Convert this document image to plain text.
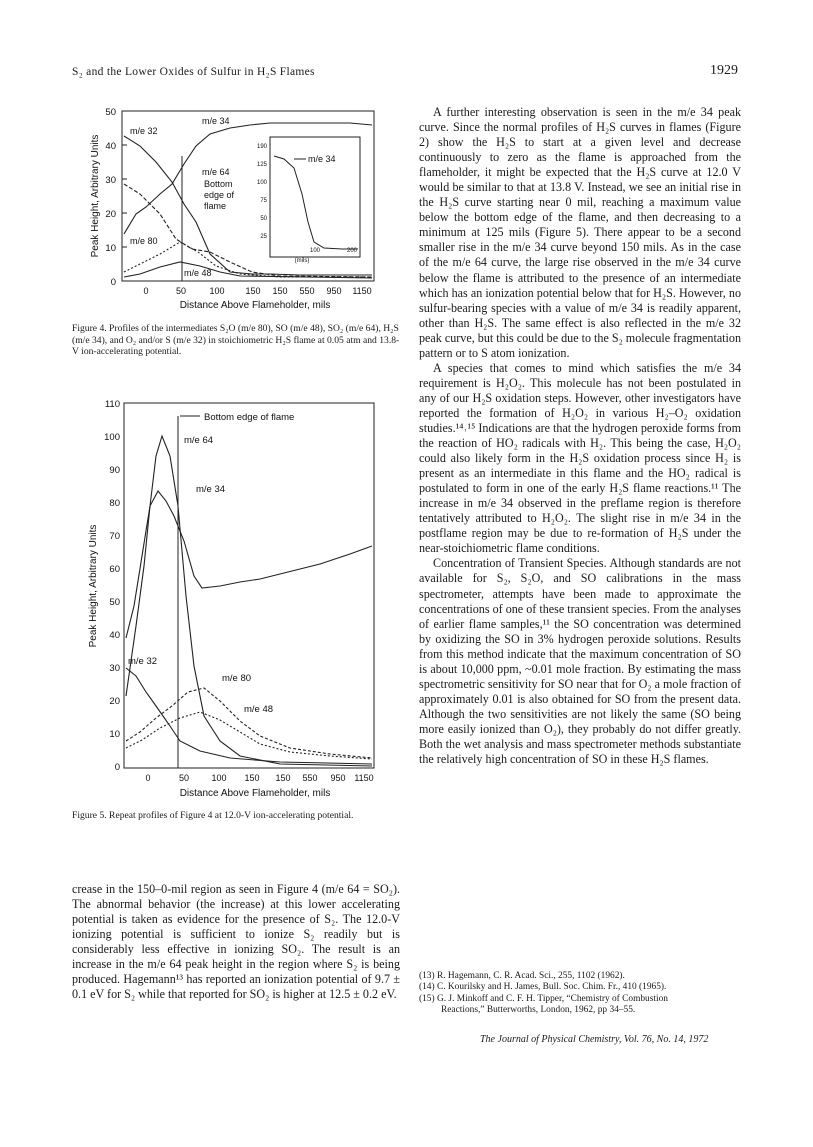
S₂ and the Lower Oxides of Sulfur in H₂S Flames	1929
Peak Height, Arbitrary Units
50
40
30
20
10
0
0	50	100 150 150 550 950 1150
Distance Above Flameholder, mils
190
125
100
75
50
25
100	200
(mils)
m/e 34
m/e 32
m/e 34
m/e 64
Bottom
edge of
flame
m/e 80
m/e 48
Figure 4. Profiles of the intermediates S₂O (m/e 80), SO (m/e 48), SO₂ (m/e 64), H₂S (m/e 34), and O₂ and/or S (m/e 32) in stoichiometric H₂S flame at 0.05 atm and 13.8-V ion-accelerating potential.
Peak Height, Arbitrary Units
110
100
90
80
70
60
50
40
30
20
10
0
0	50 100 150 150 550 950 1150
Distance Above Flameholder, mils
Bottom edge of flame
m/e 64
m/e 34
m/e 32
m/e 80
m/e 48
Figure 5. Repeat profiles of Figure 4 at 12.0-V ion-accelerating potential.

crease in the 150–0-mil region as seen in Figure 4 (m/e 64 = SO₂). The abnormal behavior (the increase) at this lower accelerating potential is taken as evidence for the presence of S₂. The 12.0-V ionizing potential is sufficient to ionize S₂ readily but is considerably less effective in ionizing SO₂. The result is an increase in the m/e 64 peak height in the region where S₂ is being produced. Hagemann¹³ has reported an ionization potential of 9.7 ± 0.1 eV for S₂ while that reported for SO₂ is higher at 12.5 ± 0.2 eV.

A further interesting observation is seen in the m/e 34 peak curve. Since the normal profiles of H₂S curves in flames (Figure 2) show the H₂S to start at a given level and decrease continuously to zero as the flame is approached from the flameholder, it might be expected that the H₂S curve at 12.0 V would be similar to that at 13.8 V. Instead, we see an initial rise in the H₂S curve starting near 0 mil, reaching a maximum value below the bottom edge of the flame, and then decreasing to a minimum at 125 mils (Figure 5). There appear to be a second smaller rise in the m/e 34 curve beyond 150 mils. As in the case of the m/e 64 curve, the large rise observed in the m/e 34 curve below the flame is attributed to the presence of an intermediate which has an ionization potential below that for H₂S. However, no sulfur-bearing species with a value of m/e 34 is readily apparent, other than H₂S. The same effect is also reflected in the m/e 32 peak curve, but this could be due to the S₂ molecule fragmentation pattern or to S atom ionization.

A species that comes to mind which satisfies the m/e 34 requirement is H₂O₂. This molecule has not been postulated in any of our H₂S oxidation steps. However, other investigators have reported the formation of H₂O₂ in various H₂–O₂ oxidation studies.¹⁴˒¹⁵ Indications are that the hydrogen peroxide forms from the reaction of HO₂ radicals with H₂. This being the case, H₂O₂ could also likely form in the H₂S oxidation process since H₂ is present as an intermediate in this flame and the HO₂ radical is postulated to form in one of the early H₂S flame reactions.¹¹ The increase in m/e 34 observed in the preflame region is therefore tentatively attributed to H₂O₂. The slight rise in m/e 34 in the postflame region may be due to re-formation of H₂S under the near-stoichiometric flame conditions.

Concentration of Transient Species. Although standards are not available for S₂, S₂O, and SO calibrations in the mass spectrometer, attempts have been made to approximate the concentrations of one of these transient species. From the analyses of earlier flame samples,¹¹ the SO concentration was determined by oxidizing the SO in 3% hydrogen peroxide solutions. Results from this method indicate that the maximum concentration of SO is about 10,000 ppm, ~0.01 mole fraction. By estimating the mass spectrometric sensitivity for SO near that for O₂ a mole fraction of approximately 0.01 is also obtained for SO from the present data. Although the two sensitivities are not likely the same (SO being more easily ionized than O₂), they probably do not differ greatly. Both the wet analysis and mass spectrometer methods substantiate the relatively high concentration of SO in these H₂S flames.

(13) R. Hagemann, C. R. Acad. Sci., 255, 1102 (1962).
(14) C. Kourilsky and H. James, Bull. Soc. Chim. Fr., 410 (1965).
(15) G. J. Minkoff and C. F. H. Tipper, “Chemistry of Combustion
Reactions,” Butterworths, London, 1962, pp 34–55.
The Journal of Physical Chemistry, Vol. 76, No. 14, 1972
